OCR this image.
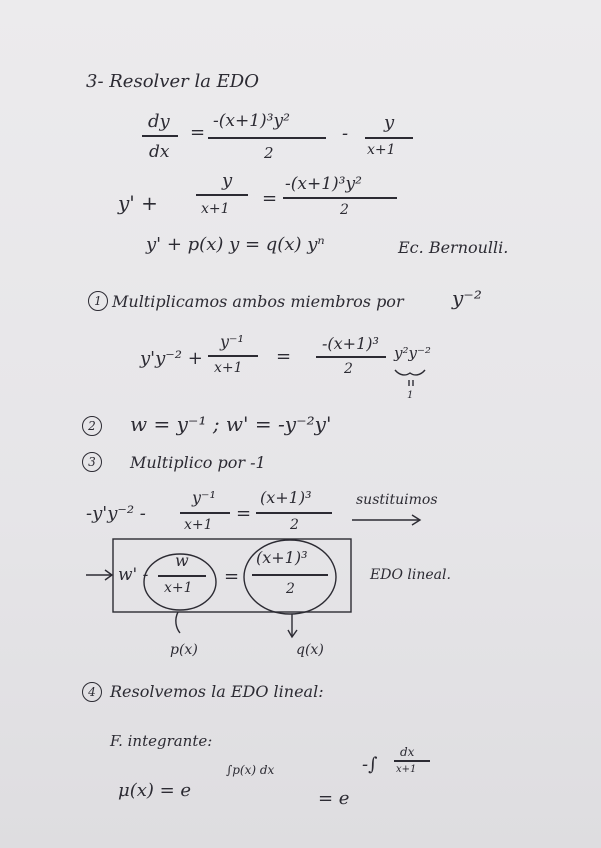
3- Resolver la EDO
dy
dx
=
-(x+1)³y²
2
-
y
x+1
y' +
y
x+1 =
-(x+1)³y²
2
y' + p(x) y = q(x) yⁿ	Ec. Bernoulli.
1 Multiplicamos ambos miembros por y⁻²
y'y⁻² +
y⁻¹
x+1
=
-(x+1)³
2
y²y⁻²
1
2	w = y⁻¹ ; w' = -y⁻²y'
3	Multiplico por -1
-y'y⁻² -
y⁻¹
x+1
=
(x+1)³
2
sustituimos
w' -
w
x+1
=
(x+1)³
2
EDO lineal.
p(x)	q(x)
4 Resolvemos la EDO lineal:
F. integrante:
μ(x) = e
∫p(x) dx
= e
-∫
dx
x+1
